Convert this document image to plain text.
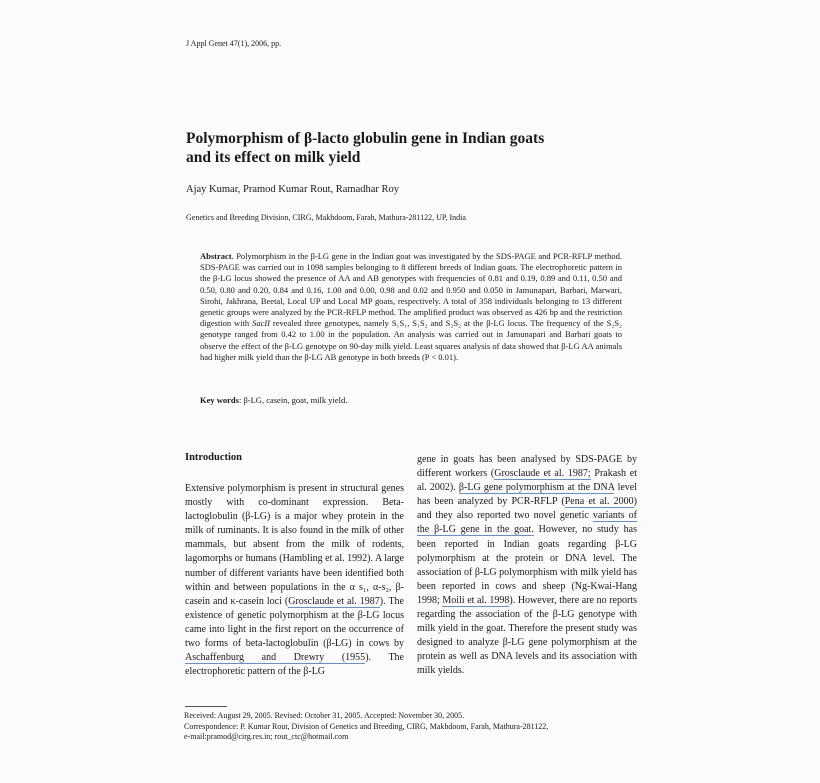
J Appl Genet 47(1), 2006, pp.
Polymorphism of β-lacto globulin gene in Indian goats
and its effect on milk yield
Ajay Kumar, Pramod Kumar Rout, Ramadhar Roy
Genetics and Breeding Division, CIRG, Makhdoom, Farah, Mathura-281122, UP, India

Abstract. Polymorphism in the β-LG gene in the Indian goat was investigated by the SDS-PAGE and PCR-RFLP method. SDS-PAGE was carried out in 1098 samples belonging to 8 different breeds of Indian goats. The electrophoretic pattern in the β-LG locus showed the presence of AA and AB genotypes with frequencies of 0.81 and 0.19, 0.89 and 0.11, 0.50 and 0.50, 0.80 and 0.20, 0.84 and 0.16, 1.00 and 0.00, 0.98 and 0.02 and 0.950 and 0.050 in Jamunapari, Barbari, Marwari, Sirohi, Jakhrana, Beetal, Local UP and Local MP goats, respectively. A total of 358 individuals belonging to 13 different genetic groups were analyzed by the PCR-RFLP method. The amplified product was observed as 426 bp and the restriction digestion with SacII revealed three genotypes, namely S₁S₁, S₁S₂ and S₂S₂ at the β-LG locus. The frequency of the S₂S₂ genotype ranged from 0.42 to 1.00 in the population. An analysis was carried out in Jamunapari and Barbari goats to observe the effect of the β-LG genotype on 90-day milk yield. Least squares analysis of data showed that β-LG AA animals had higher milk yield than the β-LG AB genotype in both breeds (P < 0.01).

Key words: β-LG, casein, goat, milk yield.

Introduction

Extensive polymorphism is present in structural genes mostly with co-dominant expression. Beta-lactoglobulin (β-LG) is a major whey protein in the milk of ruminants. It is also found in the milk of other mammals, but absent from the milk of rodents, lagomorphs or humans (Hambling et al. 1992). A large number of different variants have been identified both within and between populations in the α s₁, α-s₂, β-casein and κ-casein loci (Grosclaude et al. 1987). The existence of genetic polymorphism at the β-LG locus came into light in the first report on the occurrence of two forms of beta-lactoglobulin (β-LG) in cows by Aschaffenburg and Drewry (1955). The electrophoretic pattern of the β-LG

gene in goats has been analysed by SDS-PAGE by different workers (Grosclaude et al. 1987; Prakash et al. 2002). β-LG gene polymorphism at the DNA level has been analyzed by PCR-RFLP (Pena et al. 2000) and they also reported two novel genetic variants of the β-LG gene in the goat. However, no study has been reported in Indian goats regarding β-LG polymorphism at the protein or DNA level. The association of β-LG polymorphism with milk yield has been reported in cows and sheep (Ng-Kwai-Hang 1998; Moili et al. 1998). However, there are no reports regarding the association of the β-LG genotype with milk yield in the goat. Therefore the present study was designed to analyze β-LG gene polymorphism at the protein as well as DNA levels and its association with milk yields.

Received: August 29, 2005. Revised: October 31, 2005. Accepted: November 30, 2005.
Correspondence: P. Kumar Rout, Division of Genetics and Breeding, CIRG, Makhdoom, Farah, Mathura-281122,
e-mail:pramod@cirg.res.in; rout_ctc@hotmail.com
